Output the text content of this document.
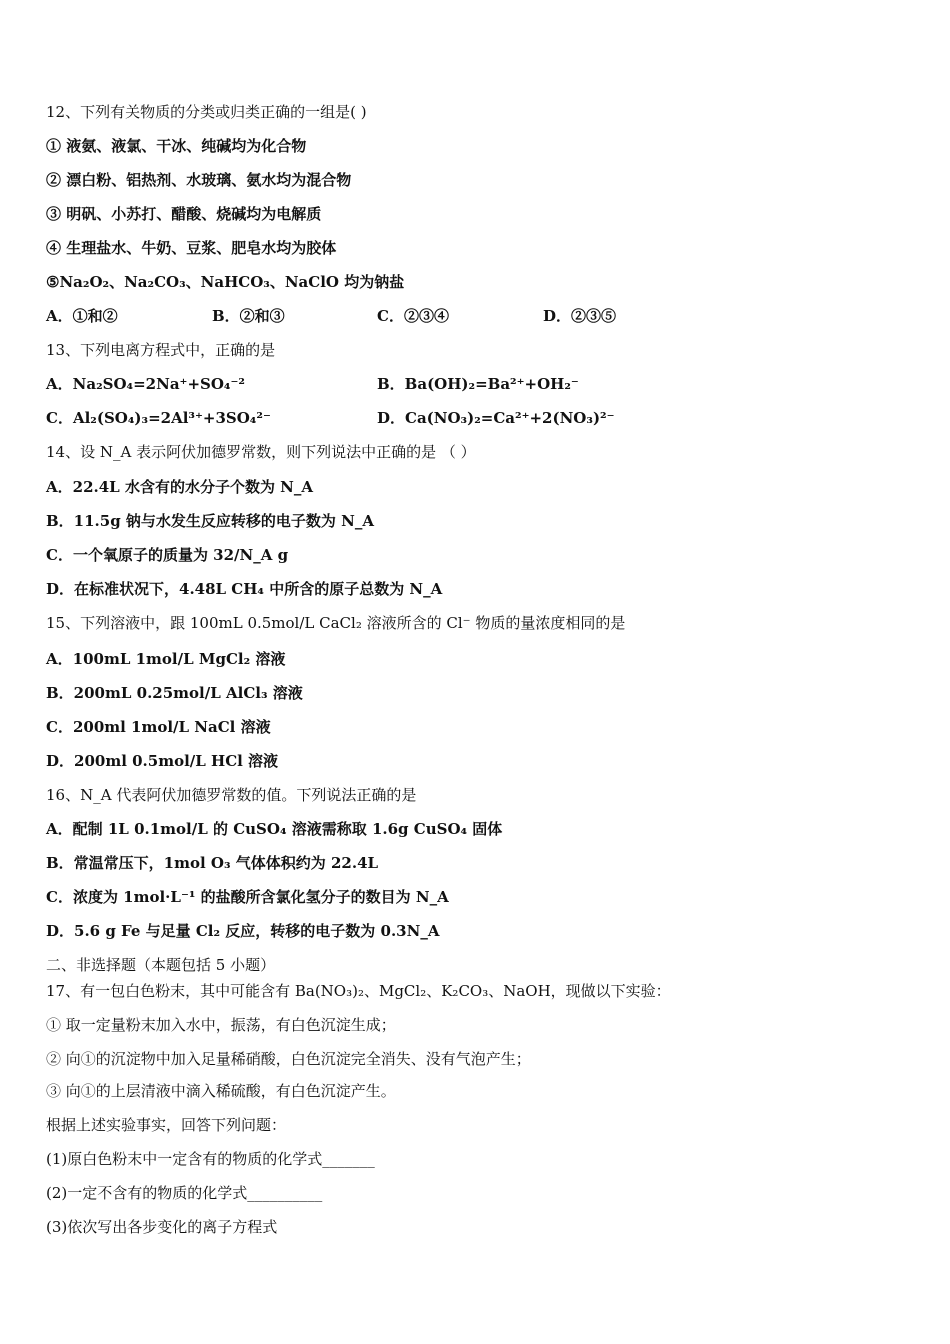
12、下列有关物质的分类或归类正确的一组是( )
① 液氨、液氯、干冰、纯碱均为化合物
② 漂白粉、铝热剂、水玻璃、氨水均为混合物
③ 明矾、小苏打、醋酸、烧碱均为电解质
④ 生理盐水、牛奶、豆浆、肥皂水均为胶体
⑤Na₂O₂、Na₂CO₃、NaHCO₃、NaClO 均为钠盐
A．①和②	B．②和③	C．②③④	D．②③⑤
13、下列电离方程式中，正确的是
A．Na₂SO₄=2Na⁺+SO₄⁻²	B．Ba(OH)₂=Ba²⁺+OH₂⁻
C．Al₂(SO₄)₃=2Al³⁺+3SO₄²⁻	D．Ca(NO₃)₂=Ca²⁺+2(NO₃)²⁻
14、设 N_A 表示阿伏加德罗常数，则下列说法中正确的是 （ ）
A．22.4L 水含有的水分子个数为 N_A
B．11.5g 钠与水发生反应转移的电子数为 N_A
C．一个氧原子的质量为 32/N_A g
D．在标准状况下，4.48L CH₄ 中所含的原子总数为 N_A
15、下列溶液中，跟 100mL 0.5mol/L CaCl₂ 溶液所含的 Cl⁻ 物质的量浓度相同的是
A．100mL 1mol/L MgCl₂ 溶液
B．200mL 0.25mol/L AlCl₃ 溶液
C．200ml 1mol/L NaCl 溶液
D．200ml 0.5mol/L HCl 溶液
16、N_A 代表阿伏加德罗常数的值。下列说法正确的是
A．配制 1L 0.1mol/L 的 CuSO₄ 溶液需称取 1.6g CuSO₄ 固体
B．常温常压下，1mol O₃ 气体体积约为 22.4L
C．浓度为 1mol·L⁻¹ 的盐酸所含氯化氢分子的数目为 N_A
D．5.6 g Fe 与足量 Cl₂ 反应，转移的电子数为 0.3N_A
二、非选择题（本题包括 5 小题）
17、有一包白色粉末，其中可能含有 Ba(NO₃)₂、MgCl₂、K₂CO₃、NaOH，现做以下实验：
① 取一定量粉末加入水中，振荡，有白色沉淀生成；
② 向①的沉淀物中加入足量稀硝酸，白色沉淀完全消失、没有气泡产生；
③ 向①的上层清液中滴入稀硫酸，有白色沉淀产生。
根据上述实验事实，回答下列问题：
(1)原白色粉末中一定含有的物质的化学式_______
(2)一定不含有的物质的化学式__________
(3)依次写出各步变化的离子方程式
